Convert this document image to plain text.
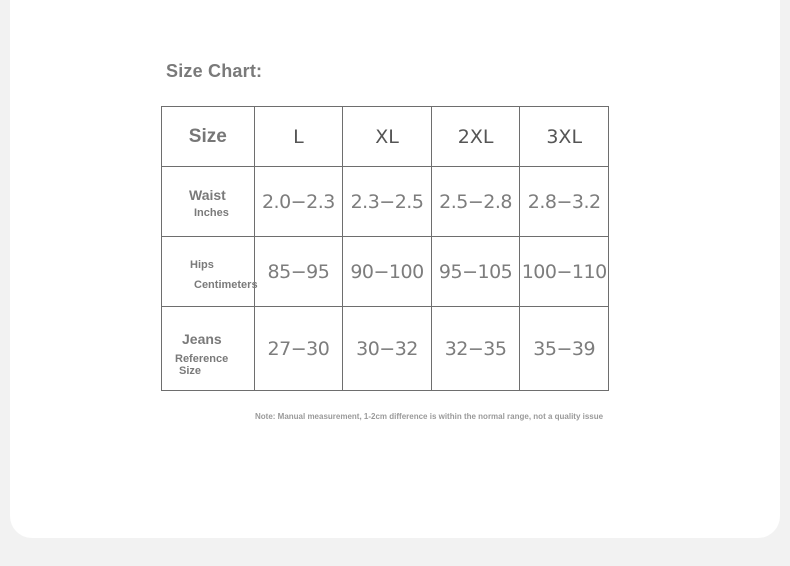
Size Chart:
Size	L	XL	2XL	3XL

Waist
Inches	2.0−2.3	2.3−2.5	2.5−2.8	2.8−3.2

Hips
Centimeters	85−95	90−100	95−105	100−110

Jeans
Reference
Size	27−30	30−32	32−35	35−39
Note: Manual measurement, 1-2cm difference is within the normal range, not a quality issue
